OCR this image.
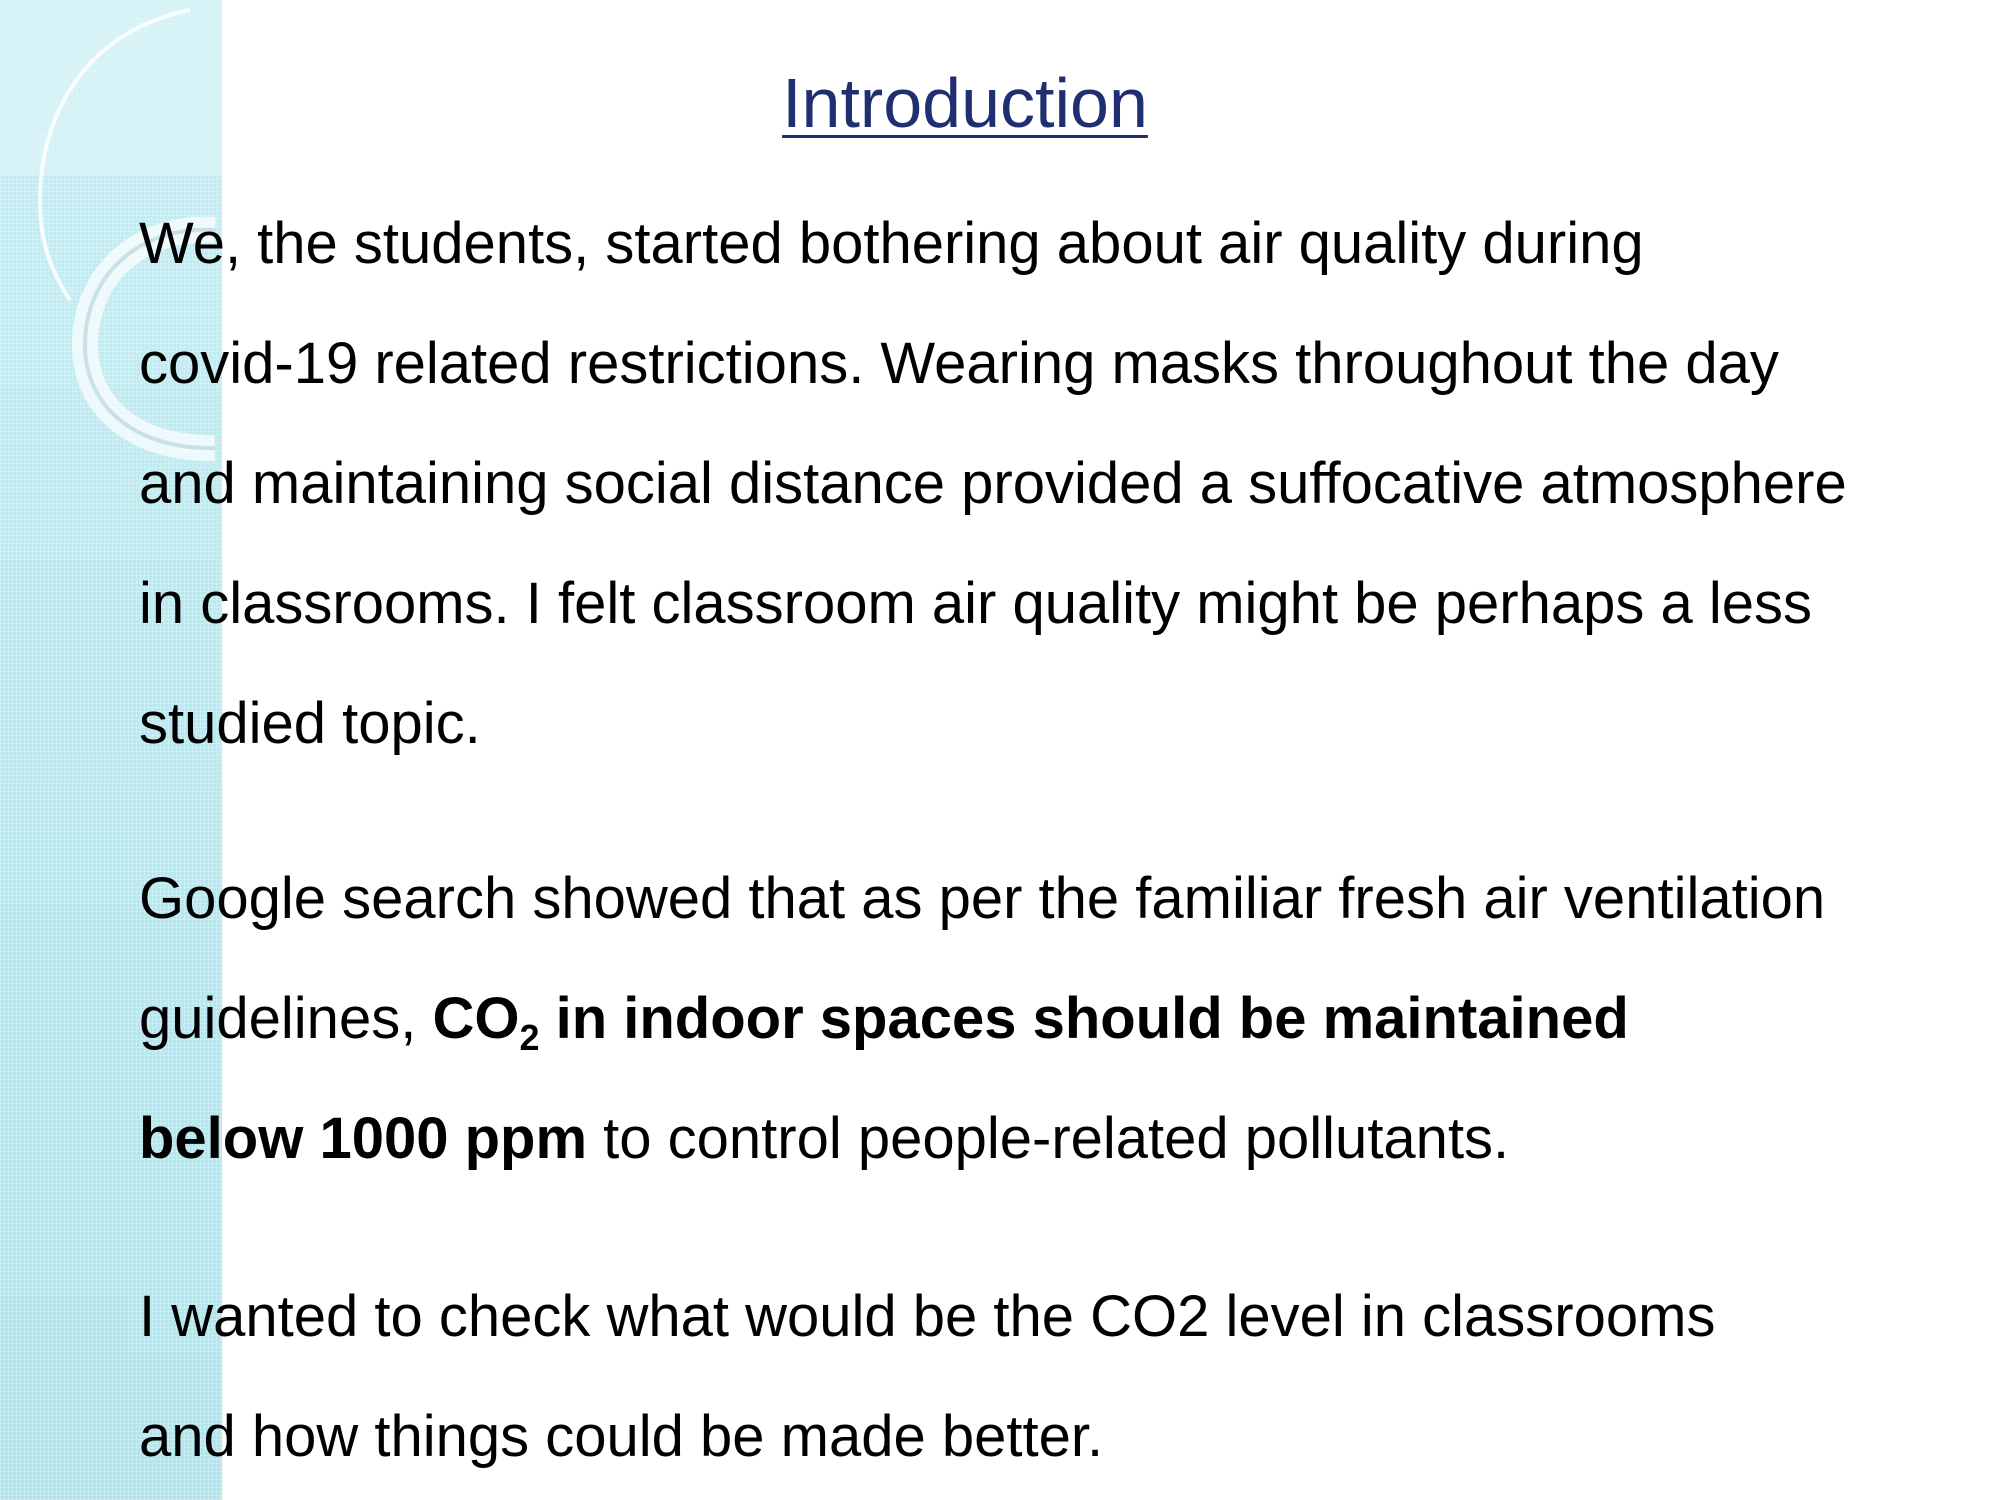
Introduction

We, the students, started bothering about air quality during
covid-19 related restrictions. Wearing masks throughout the day
and maintaining social distance provided a suffocative atmosphere
in classrooms. I felt classroom air quality might be perhaps a less
studied topic.

Google search showed that as per the familiar fresh air ventilation
guidelines, $CO_2$ in indoor spaces should be maintained
below 1000 ppm to control people-related pollutants.

I wanted to check what would be the CO2 level in classrooms
and how things could be made better.
